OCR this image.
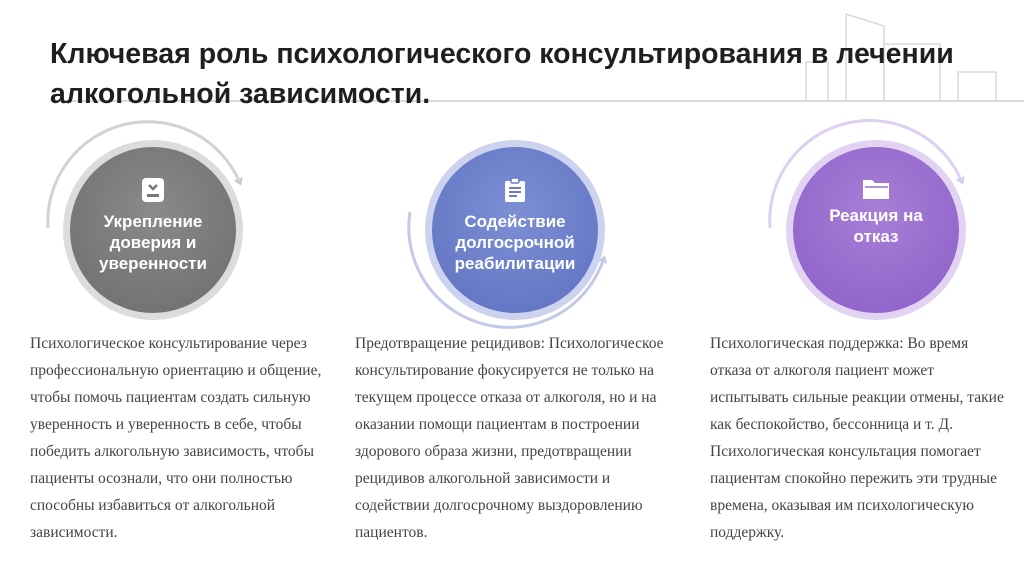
Ключевая роль психологического консультирования в лечении алкогольной зависимости.
Укрепление доверия и уверенности
Содействие долгосрочной реабилитации
Реакция на отказ

Психологическое консультирование через профессиональную ориентацию и общение, чтобы помочь пациентам создать сильную уверенность и уверенность в себе, чтобы победить алкогольную зависимость, чтобы пациенты осознали, что они полностью способны избавиться от алкогольной зависимости.

Предотвращение рецидивов: Психологическое консультирование фокусируется не только на текущем процессе отказа от алкоголя, но и на оказании помощи пациентам в построении здорового образа жизни, предотвращении рецидивов алкогольной зависимости и содействии долгосрочному выздоровлению пациентов.

Психологическая поддержка: Во время отказа от алкоголя пациент может испытывать сильные реакции отмены, такие как беспокойство, бессонница и т. Д. Психологическая консультация помогает пациентам спокойно пережить эти трудные времена, оказывая им психологическую поддержку.
